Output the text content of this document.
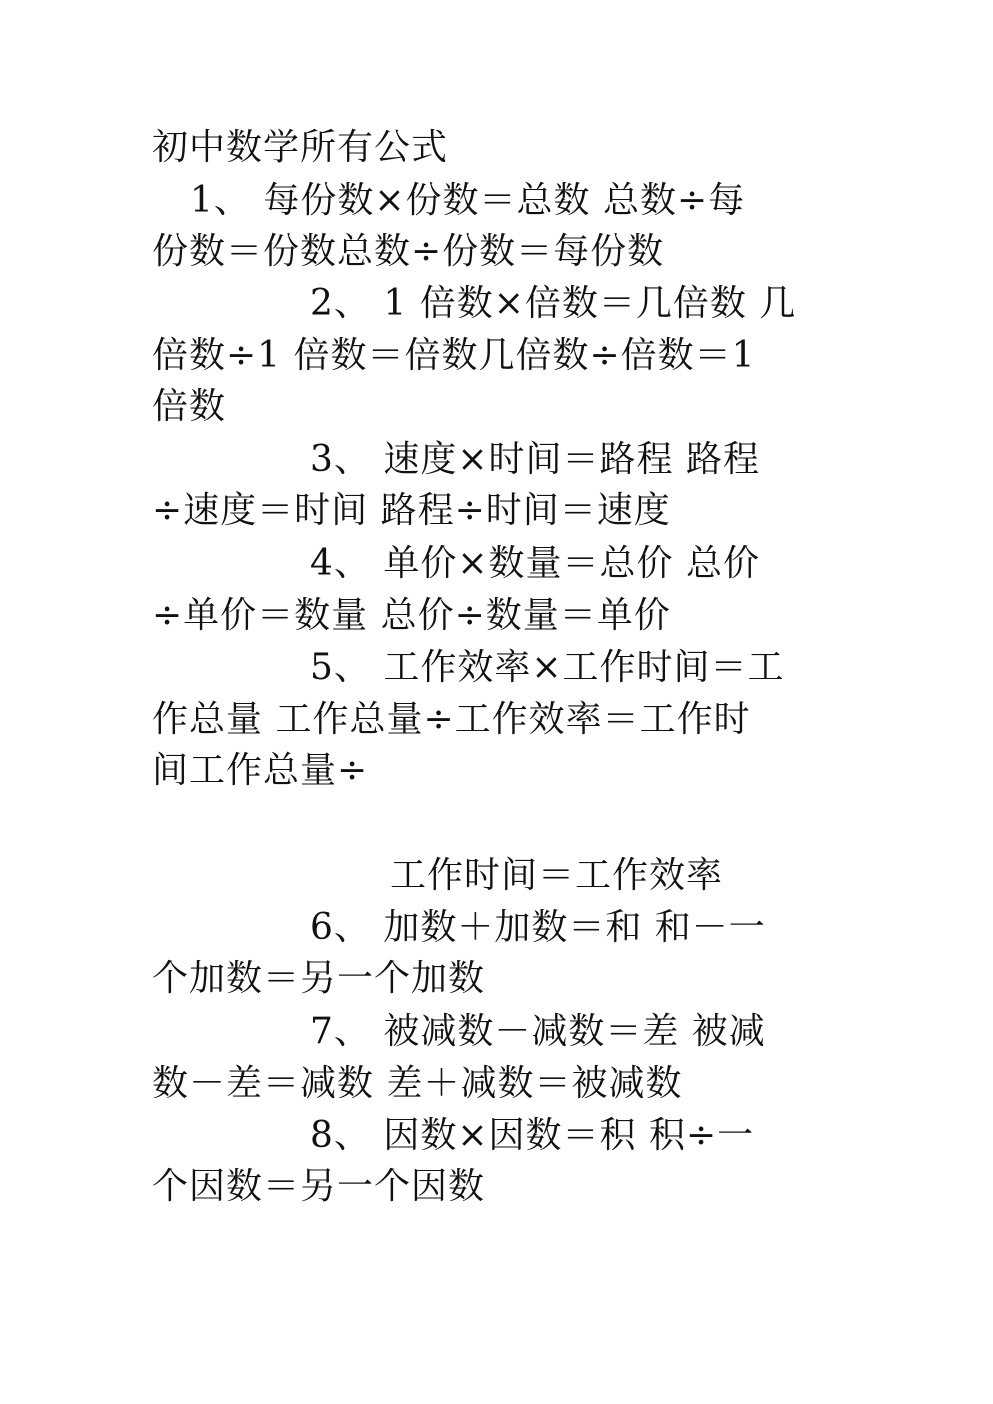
初中数学所有公式
1、 每份数×份数＝总数 总数÷每
份数＝份数总数÷份数＝每份数
2、 1 倍数×倍数＝几倍数 几
倍数÷1 倍数＝倍数几倍数÷倍数＝1
倍数
3、 速度×时间＝路程 路程
÷速度＝时间 路程÷时间＝速度
4、 单价×数量＝总价 总价
÷单价＝数量 总价÷数量＝单价
5、 工作效率×工作时间＝工
作总量 工作总量÷工作效率＝工作时
间工作总量÷
工作时间＝工作效率
6、 加数＋加数＝和 和－一
个加数＝另一个加数
7、 被减数－减数＝差 被减
数－差＝减数 差＋减数＝被减数
8、 因数×因数＝积 积÷一
个因数＝另一个因数
